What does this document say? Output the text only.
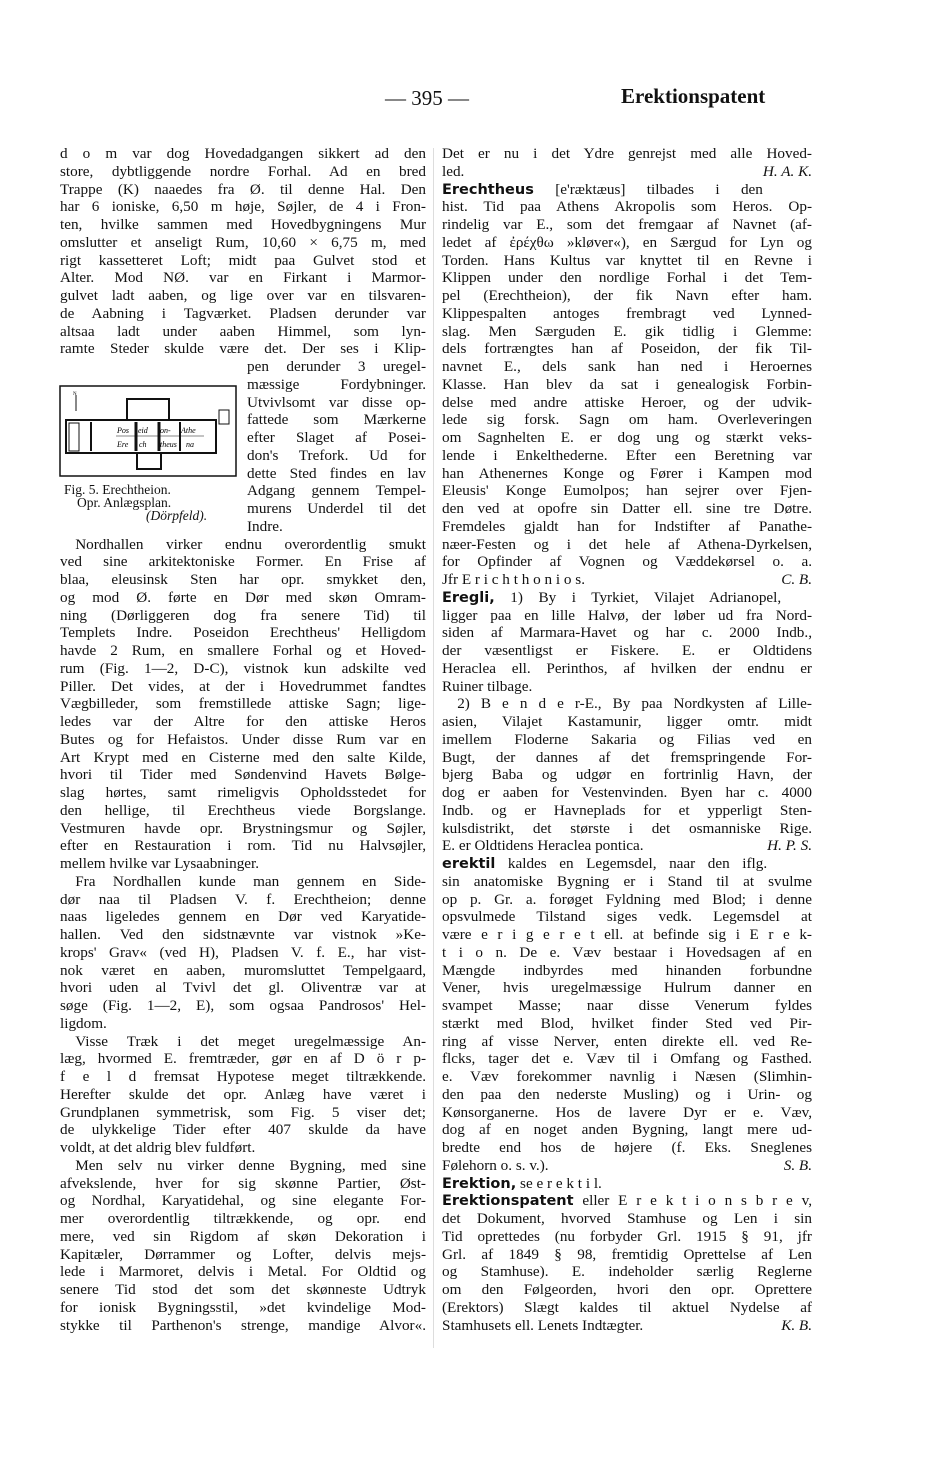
— 395 —	Erektionspatent
N
Pos eid on- Athe
Ere ch theus na
Fig. 5. Erechtheion.
Opr. Anlægsplan.
(Dörpfeld).
d o m var dog Hovedadgangen sikkert ad den
store, dybtliggende nordre Forhal. Ad en bred
Trappe (K) naaedes fra Ø. til denne Hal. Den
har 6 ioniske, 6,50 m høje, Søjler, de 4 i Fron-
ten, hvilke sammen med Hovedbygningens Mur
omslutter et anseligt Rum, 10,60 × 6,75 m, med
rigt kassetteret Loft; midt paa Gulvet stod et
Alter. Mod NØ. var en Firkant i Marmor-
gulvet ladt aaben, og lige over var en tilsvaren-
de Aabning i Tagværket. Pladsen derunder var
altsaa ladt under aaben Himmel, som lyn-
ramte Steder skulde være det. Der ses i Klip-
pen derunder 3 uregel-
mæssige Fordybninger.
Utvivlsomt var disse op-
fattede som Mærkerne
efter Slaget af Posei-
don's Trefork. Ud for
dette Sted findes en lav
Adgang gennem Tempel-
murens Underdel til det
Indre.
 Nordhallen virker endnu overordentlig smukt
ved sine arkitektoniske Former. En Frise af
blaa, eleusinsk Sten har opr. smykket den,
og mod Ø. førte en Dør med skøn Omram-
ning (Dørliggeren dog fra senere Tid) til
Templets Indre. Poseidon Erechtheus' Helligdom
havde 2 Rum, en smallere Forhal og et Hoved-
rum (Fig. 1—2, D-C), vistnok kun adskilte ved
Piller. Det vides, at der i Hovedrummet fandtes
Vægbilleder, som fremstillede attiske Sagn; lige-
ledes var der Altre for den attiske Heros
Butes og for Hefaistos. Under disse Rum var en
Art Krypt med en Cisterne med den salte Kilde,
hvori til Tider med Søndenvind Havets Bølge-
slag hørtes, samt rimeligvis Opholdsstedet for
den hellige, til Erechtheus viede Borgslange.
Vestmuren havde opr. Brystningsmur og Søjler,
efter en Restauration i rom. Tid nu Halvsøjler,
mellem hvilke var Lysaabninger.
 Fra Nordhallen kunde man gennem en Side-
dør naa til Pladsen V. f. Erechtheion; denne
naas ligeledes gennem en Dør ved Karyatide-
hallen. Ved den sidstnævnte var vistnok »Ke-
krops' Grav« (ved H), Pladsen V. f. E., har vist-
nok været en aaben, muromsluttet Tempelgaard,
hvori uden al Tvivl det gl. Oliventræ var at
søge (Fig. 1—2, E), som ogsaa Pandrosos' Hel-
ligdom.
 Visse Træk i det meget uregelmæssige An-
læg, hvormed E. fremtræder, gør en af D ö r p-
f e l d fremsat Hypotese meget tiltrækkende.
Herefter skulde det opr. Anlæg have været i
Grundplanen symmetrisk, som Fig. 5 viser det;
de ulykkelige Tider efter 407 skulde da have
voldt, at det aldrig blev fuldført.
 Men selv nu virker denne Bygning, med sine
afvekslende, hver for sig skønne Partier, Øst-
og Nordhal, Karyatidehal, og sine elegante For-
mer overordentlig tiltrækkende, og opr. end
mere, ved sin Rigdom af skøn Dekoration i
Kapitæler, Dørrammer og Lofter, delvis mejs-
lede i Marmoret, delvis i Metal. For Oldtid og
senere Tid stod det som det skønneste Udtryk
for ionisk Bygningsstil, »det kvindelige Mod-
stykke til Parthenon's strenge, mandige Alvor«.
Det er nu i det Ydre genrejst med alle Hoved-
led.	H. A. K.
Erechtheus [e'ræktæus] tilbades i den
hist. Tid paa Athens Akropolis som Heros. Op-
rindelig var E., som det fremgaar af Navnet (af-
ledet af ἐρέχθω »kløver«), en Særgud for Lyn og
Torden. Hans Kultus var knyttet til en Revne i
Klippen under den nordlige Forhal i det Tem-
pel (Erechtheion), der fik Navn efter ham.
Klippespalten antoges frembragt ved Lynned-
slag. Men Særguden E. gik tidlig i Glemme:
dels fortrængtes han af Poseidon, der fik Til-
navnet E., dels sank han ned i Heroernes
Klasse. Han blev da sat i genealogisk Forbin-
delse med andre attiske Heroer, og der udvik-
lede sig forsk. Sagn om ham. Overleveringen
om Sagnhelten E. er dog ung og stærkt veks-
lende i Enkelthederne. Efter een Beretning var
han Athenernes Konge og Fører i Kampen mod
Eleusis' Konge Eumolpos; han sejrer over Fjen-
den ved at opofre sin Datter ell. sine tre Døtre.
Fremdeles gjaldt han for Indstifter af Panathe-
næer-Festen og i det hele af Athena-Dyrkelsen,
for Opfinder af Vognen og Væddekørsel o. a.
Jfr E r i c h t h o n i o s.	C. B.
Eregli, 1) By i Tyrkiet, Vilajet Adrianopel,
ligger paa en lille Halvø, der løber ud fra Nord-
siden af Marmara-Havet og har c. 2000 Indb.,
der væsentligst er Fiskere. E. er Oldtidens
Heraclea ell. Perinthos, af hvilken der endnu er
Ruiner tilbage.
 2) B e n d e r-E., By paa Nordkysten af Lille-
asien, Vilajet Kastamunir, ligger omtr. midt
imellem Floderne Sakaria og Filias ved en
Bugt, der dannes af det fremspringende For-
bjerg Baba og udgør en fortrinlig Havn, der
dog er aaben for Vestenvinden. Byen har c. 4000
Indb. og er Havneplads for et ypperligt Sten-
kulsdistrikt, det største i det osmanniske Rige.
E. er Oldtidens Heraclea pontica.	H. P. S.
erektil kaldes en Legemsdel, naar den iflg.
sin anatomiske Bygning er i Stand til at svulme
op p. Gr. a. forøget Fyldning med Blod; i denne
opsvulmede Tilstand siges vedk. Legemsdel at
være e r i g e r e t ell. at befinde sig i E r e k-
t i o n. De e. Væv bestaar i Hovedsagen af en
Mængde indbyrdes med hinanden forbundne
Vener, hvis uregelmæssige Hulrum danner en
svampet Masse; naar disse Venerum fyldes
stærkt med Blod, hvilket finder Sted ved Pir-
ring af visse Nerver, enten direkte ell. ved Re-
flcks, tager det e. Væv til i Omfang og Fasthed.
e. Væv forekommer navnlig i Næsen (Slimhin-
den paa den nederste Musling) og i Urin- og
Kønsorganerne. Hos de lavere Dyr er e. Væv,
dog af en noget anden Bygning, langt mere ud-
bredte end hos de højere (f. Eks. Sneglenes
Følehorn o. s. v.).	S. B.
Erektion, se e r e k t i l.
Erektionspatent eller E r e k t i o n s b r e v,
det Dokument, hvorved Stamhuse og Len i sin
Tid oprettedes (nu forbyder Grl. 1915 § 91, jfr
Grl. af 1849 § 98, fremtidig Oprettelse af Len
og Stamhuse). E. indeholder særlig Reglerne
om den Følgeorden, hvori den opr. Oprettere
(Erektors) Slægt kaldes til aktuel Nydelse af
Stamhusets ell. Lenets Indtægter.	K. B.
